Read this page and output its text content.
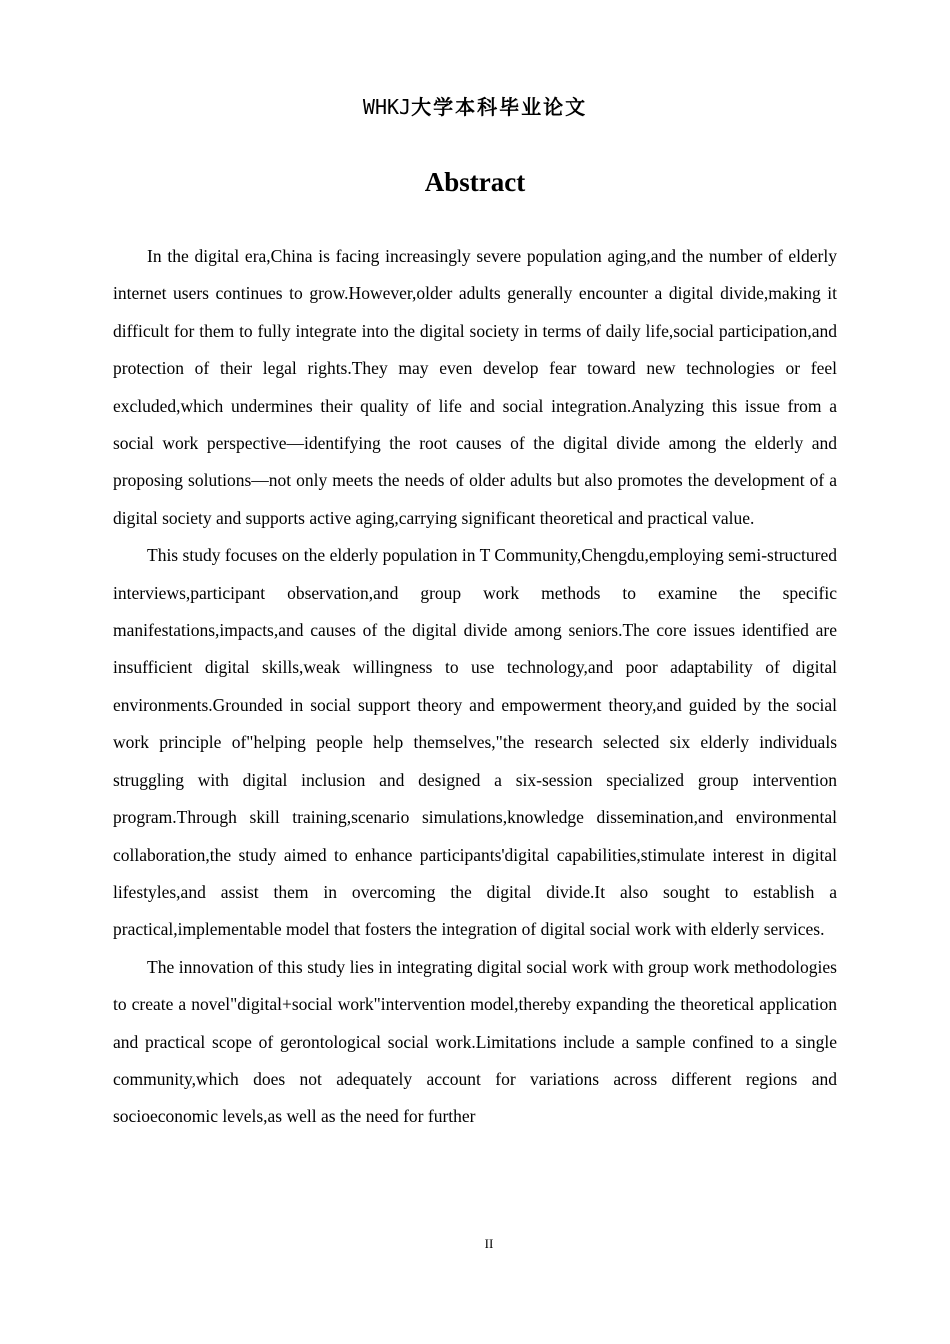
WHKJ大学本科毕业论文
Abstract

In the digital era,China is facing increasingly severe population aging,and the number of elderly internet users continues to grow.However,older adults generally encounter a digital divide,making it difficult for them to fully integrate into the digital society in terms of daily life,social participation,and protection of their legal rights.They may even develop fear toward new technologies or feel excluded,which undermines their quality of life and social integration.Analyzing this issue from a social work perspective—identifying the root causes of the digital divide among the elderly and proposing solutions—not only meets the needs of older adults but also promotes the development of a digital society and supports active aging,carrying significant theoretical and practical value.

This study focuses on the elderly population in T Community,Chengdu,employing semi-structured interviews,participant observation,and group work methods to examine the specific manifestations,impacts,and causes of the digital divide among seniors.The core issues identified are insufficient digital skills,weak willingness to use technology,and poor adaptability of digital environments.Grounded in social support theory and empowerment theory,and guided by the social work principle of"helping people help themselves,"the research selected six elderly individuals struggling with digital inclusion and designed a six-session specialized group intervention program.Through skill training,scenario simulations,knowledge dissemination,and environmental collaboration,the study aimed to enhance participants'digital capabilities,stimulate interest in digital lifestyles,and assist them in overcoming the digital divide.It also sought to establish a practical,implementable model that fosters the integration of digital social work with elderly services.

The innovation of this study lies in integrating digital social work with group work methodologies to create a novel"digital+social work"intervention model,thereby expanding the theoretical application and practical scope of gerontological social work.Limitations include a sample confined to a single community,which does not adequately account for variations across different regions and socioeconomic levels,as well as the need for further

II
